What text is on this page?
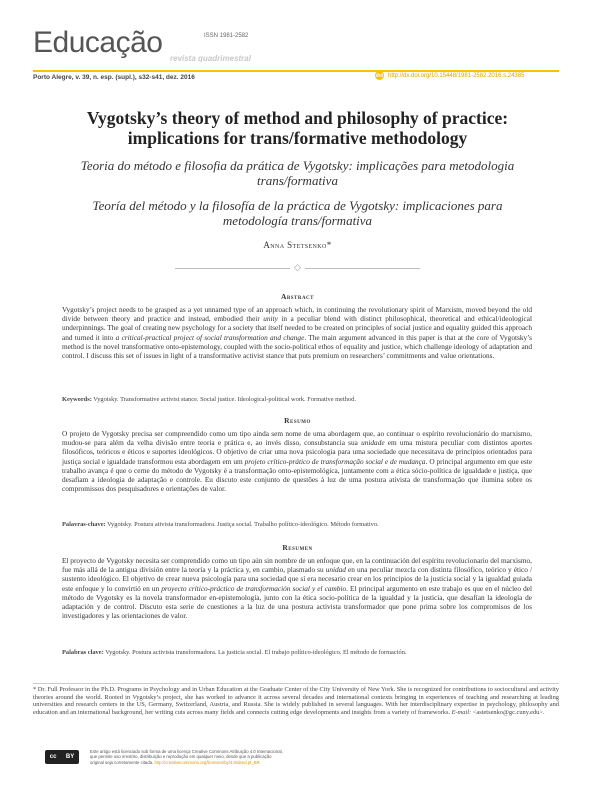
Educação	ISSN 1981-2582
revista quadrimestral
Porto Alegre, v. 39, n. esp. (supl.), s32-s41, dez. 2016	doi http://dx.doi.org/10.15448/1981-2582.2016.s.24385
Vygotsky’s theory of method and philosophy of practice: implications for trans/formative methodology
Teoria do método e filosofia da prática de Vygotsky: implicações para metodologia trans/formativa
Teoría del método y la filosofía de la práctica de Vygotsky: implicaciones para metodología trans/formativa
Anna Stetsenko*
◇
Abstract
Vygotsky’s project needs to be grasped as a yet unnamed type of an approach which, in continuing the revolutionary spirit of Marxism, moved beyond the old divide between theory and practice and instead, embodied their unity in a peculiar blend with distinct philosophical, theoretical and ethical/ideological underpinnings. The goal of creating new psychology for a society that itself needed to be created on principles of social justice and equality guided this approach and turned it into a critical-practical project of social transformation and change. The main argument advanced in this paper is that at the core of Vygotsky’s method is the novel transformative onto-epistemology, coupled with the socio-political ethos of equality and justice, which challenge ideology of adaptation and control. I discuss this set of issues in light of a transformative activist stance that puts premium on researchers’ commitments and value orientations.
Keywords: Vygotsky. Transformative activist stance. Social justice. Ideological-political work. Formative method.
Resumo
O projeto de Vygotsky precisa ser compreendido como um tipo ainda sem nome de uma abordagem que, ao continuar o espírito revolucionário do marxismo, mudou-se para além da velha divisão entre teoria e prática e, ao invés disso, consubstancia sua unidade em uma mistura peculiar com distintos aportes filosóficos, teóricos e éticos e suportes ideológicos. O objetivo de criar uma nova psicologia para uma sociedade que necessitava de princípios orientados para justiça social e igualdade transformou esta abordagem em um projeto crítico-prático de transformação social e de mudança. O principal argumento em que este trabalho avança é que o cerne do método de Vygotsky é a transformação onto-epistemológica, juntamente com a ética sócio-política de igualdade e justiça, que desafiam a ideologia de adaptação e controle. Eu discuto este conjunto de questões à luz de uma postura ativista de transformação que ilumina sobre os compromissos dos pesquisadores e orientações de valor.
Palavras-chave: Vygotsky. Postura ativista transformadora. Justiça social. Trabalho político-ideológico. Método formativo.
Resumen
El proyecto de Vygotsky necesita ser comprendido como un tipo aún sin nombre de un enfoque que, en la continuación del espíritu revolucionario del marxismo, fue más allá de la antigua división entre la teoría y la práctica y, en cambio, plasmado su unidad en una peculiar mezcla con distinta filosófico, teórico y ético / sustento ideológico. El objetivo de crear nueva psicología para una sociedad que sí era necesario crear en los principios de la justicia social y la igualdad guiada este enfoque y lo convirtió en un proyecto crítico-práctico de transformación social y el cambio. El principal argumento en este trabajo es que en el núcleo del método de Vygotsky es la novela transformador en-epistemología, junto con la ética socio-política de la igualdad y la justicia, que desafían la ideología de adaptación y de control. Discuto esta serie de cuestiones a la luz de una postura activista transformador que pone prima sobre los compromisos de los investigadores y las orientaciones de valor.
Palabras clave: Vygotsky. Postura activista transformadora. La justicia social. El trabajo político-ideológico. El método de formación.
* Dr. Full Professor in the Ph.D. Programs in Psychology and in Urban Education at the Graduate Center of the City University of New York. She is recognized for contributions to sociocultural and activity theories around the world. Rooted in Vygotsky’s project, she has worked to advance it across several decades and international contexts bringing in experiences of teaching and researching at leading universities and research centers in the US, Germany, Switzerland, Austria, and Russia. She is widely published in several languages. With her interdisciplinary expertise in psychology, philosophy and education and an international background, her writing cuts across many fields and connects cutting edge developments and insights from a variety of frameworks. E-mail: <astetsenko@gc.cuny.edu>.
cc BY
Este artigo está licenciado sob forma de uma licença Creative Commons Atribuição 4.0 Internacional,
que permite uso irrestrito, distribuição e reprodução em qualquer meio, desde que a publicação
original seja corretamente citada. http://creativecommons.org/licenses/by/4.0/deed.pt_BR
